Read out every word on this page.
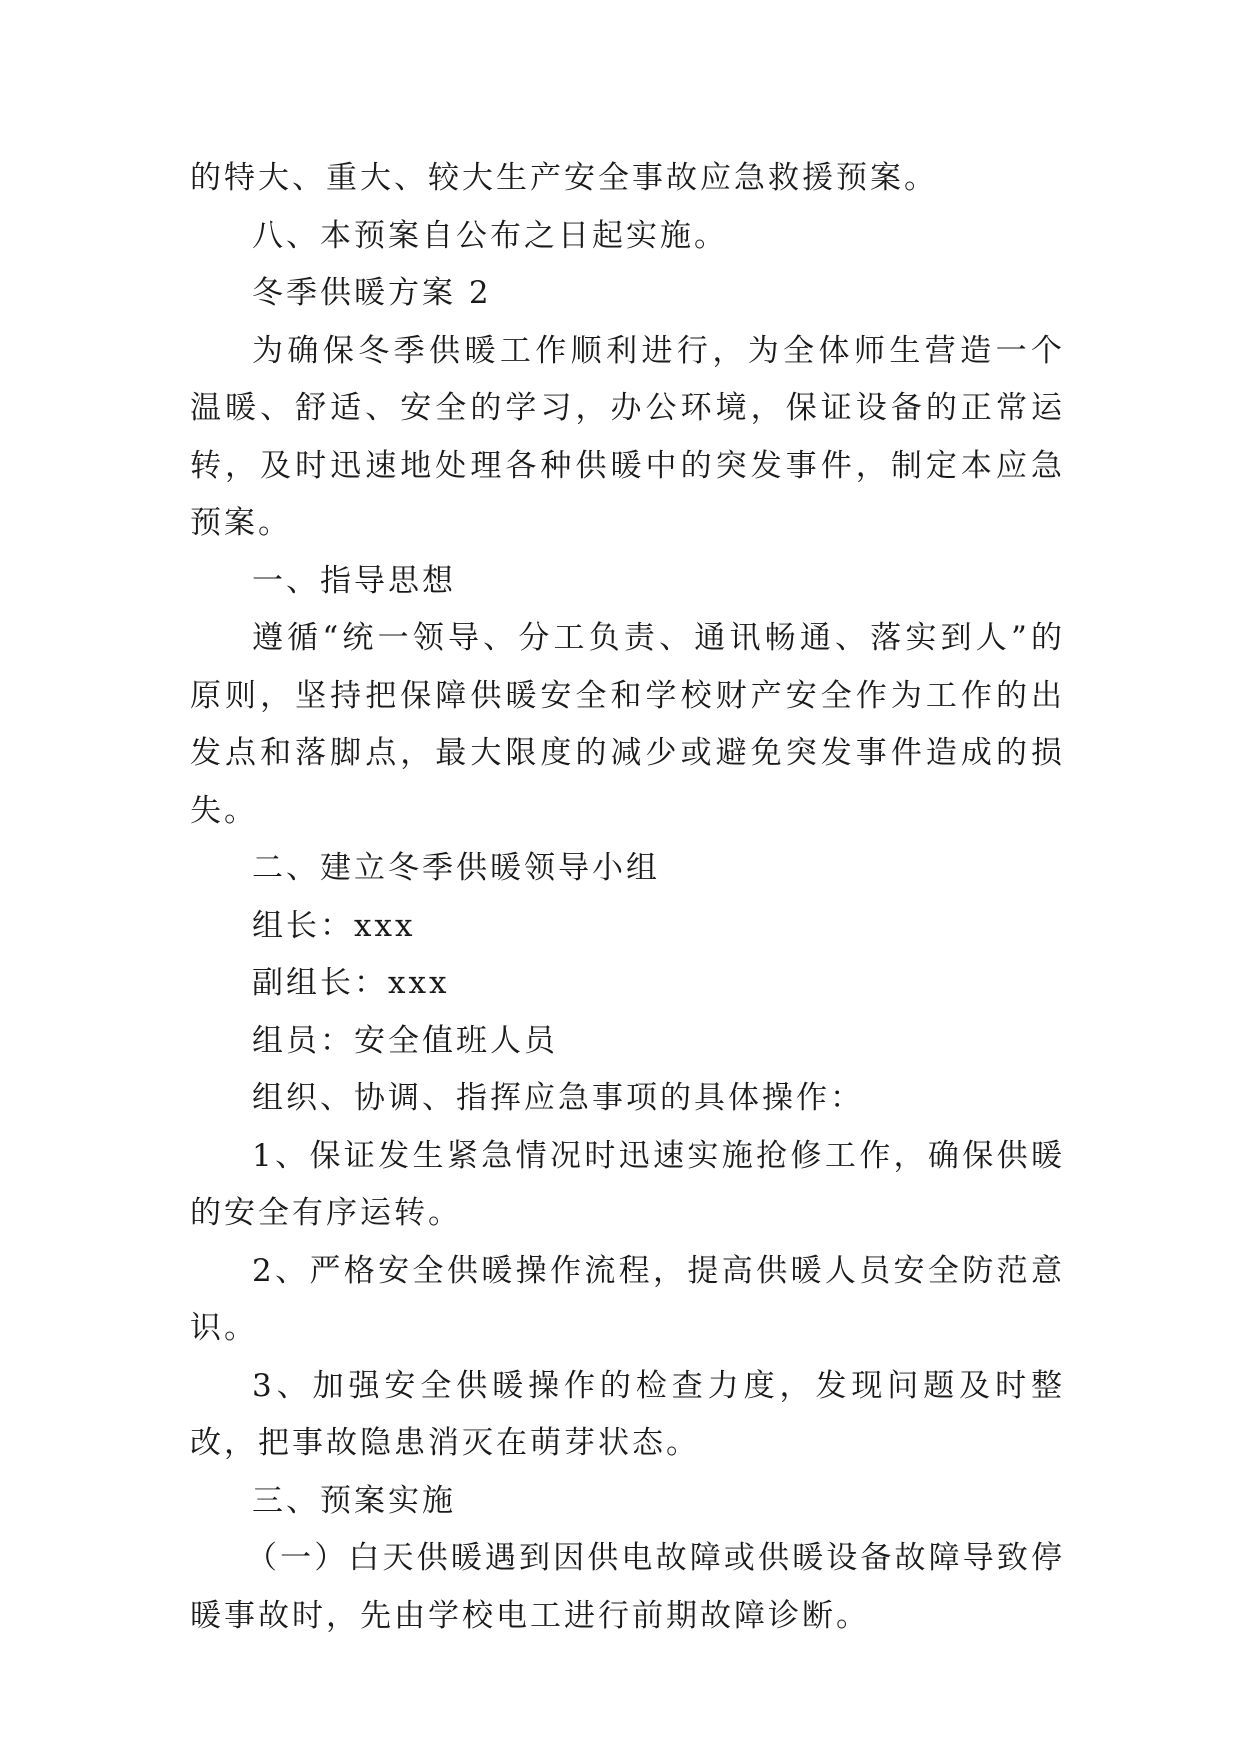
的特大、重大、较大生产安全事故应急救援预案。

八、本预案自公布之日起实施。

冬季供暖方案 2

为确保冬季供暖工作顺利进行，为全体师生营造一个温暖、舒适、安全的学习，办公环境，保证设备的正常运转，及时迅速地处理各种供暖中的突发事件，制定本应急预案。

一、指导思想

遵循“统一领导、分工负责、通讯畅通、落实到人”的原则，坚持把保障供暖安全和学校财产安全作为工作的出发点和落脚点，最大限度的减少或避免突发事件造成的损失。

二、建立冬季供暖领导小组

组长：xxx

副组长：xxx

组员：安全值班人员

组织、协调、指挥应急事项的具体操作：

1、保证发生紧急情况时迅速实施抢修工作，确保供暖的安全有序运转。

2、严格安全供暖操作流程，提高供暖人员安全防范意识。

3、加强安全供暖操作的检查力度，发现问题及时整改，把事故隐患消灭在萌芽状态。

三、预案实施

（一）白天供暖遇到因供电故障或供暖设备故障导致停暖事故时，先由学校电工进行前期故障诊断。
